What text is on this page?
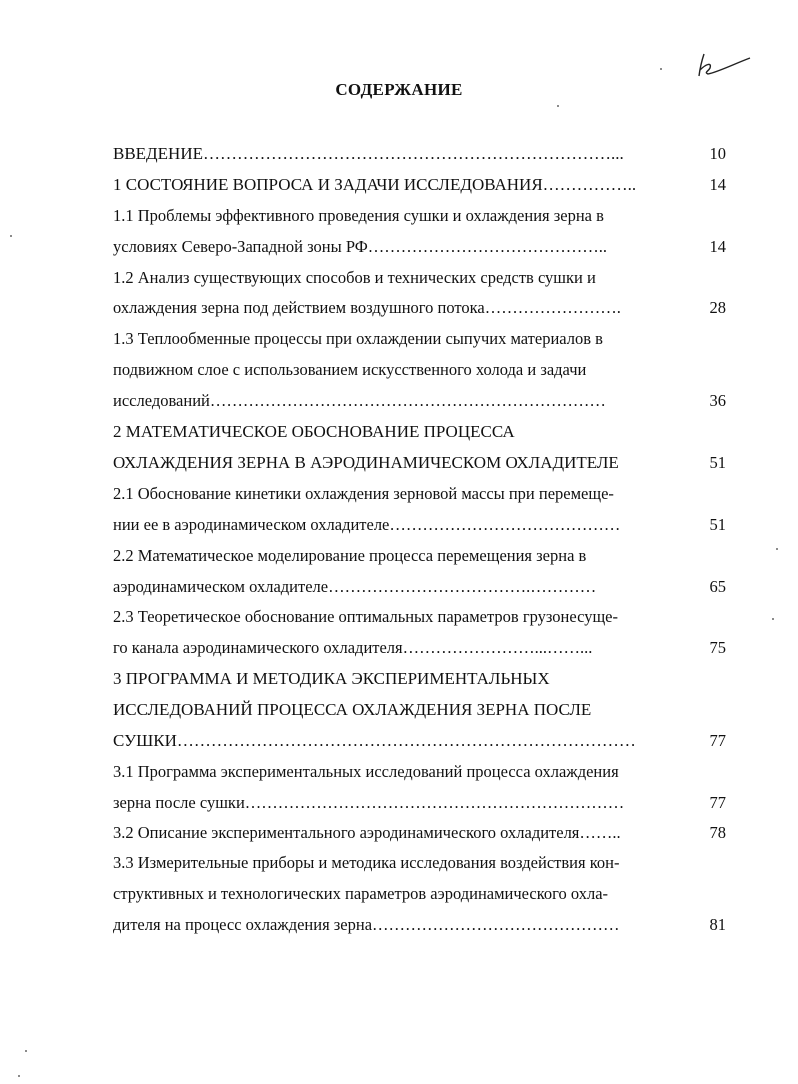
СОДЕРЖАНИЕ
ВВЕДЕНИЕ………………………………………………………………...	10
1 СОСТОЯНИЕ ВОПРОСА И ЗАДАЧИ ИССЛЕДОВАНИЯ……………..	14
1.1 Проблемы эффективного проведения сушки и охлаждения зерна в
условиях Северо-Западной зоны РФ……………………………………..	14
1.2 Анализ существующих способов и технических средств сушки и
охлаждения зерна под действием воздушного потока…………………….	28
1.3 Теплообменные процессы при охлаждении сыпучих материалов в
подвижном слое с использованием искусственного холода и задачи
исследований………………………………………………………………	36
2 МАТЕМАТИЧЕСКОЕ ОБОСНОВАНИЕ ПРОЦЕССА
ОХЛАЖДЕНИЯ ЗЕРНА В АЭРОДИНАМИЧЕСКОМ ОХЛАДИТЕЛЕ	51
2.1 Обоснование кинетики охлаждения зерновой массы при перемеще-
нии ее в аэродинамическом охладителе……………………………………	51
2.2 Математическое моделирование процесса перемещения зерна в
аэродинамическом охладителе……………………………….…………	65
2.3 Теоретическое обоснование оптимальных параметров грузонесуще-
го канала аэродинамического охладителя……………………...……...	75
3 ПРОГРАММА И МЕТОДИКА ЭКСПЕРИМЕНТАЛЬНЫХ
ИССЛЕДОВАНИЙ ПРОЦЕССА ОХЛАЖДЕНИЯ ЗЕРНА ПОСЛЕ
СУШКИ………………………………………………………………………	77
3.1 Программа экспериментальных исследований процесса охлаждения
зерна после сушки……………………………………………………………	77
3.2 Описание экспериментального аэродинамического охладителя……..	78
3.3 Измерительные приборы и методика исследования воздействия кон-
структивных и технологических параметров аэродинамического охла-
дителя на процесс охлаждения зерна………………………………………	81
